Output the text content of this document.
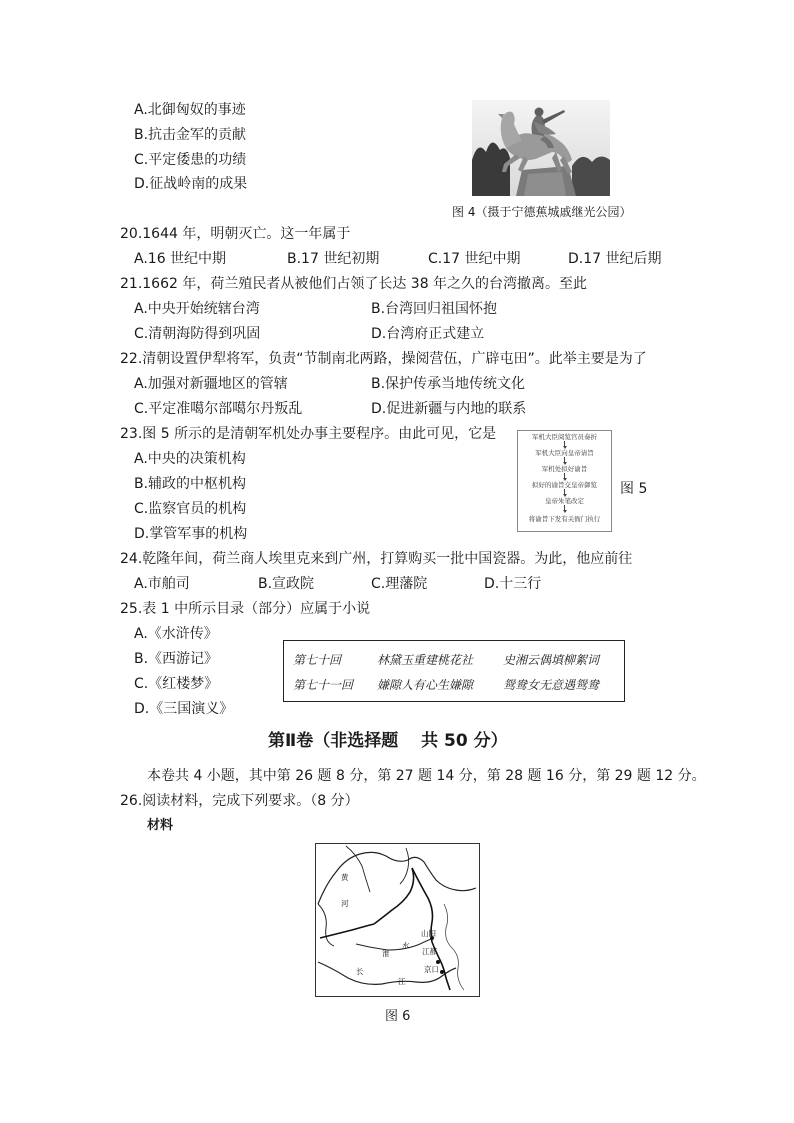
A.北御匈奴的事迹
B.抗击金军的贡献
C.平定倭患的功绩
D.征战岭南的成果
图 4（摄于宁德蕉城戚继光公园）
20.1644 年，明朝灭亡。这一年属于
A.16 世纪中期	B.17 世纪初期	C.17 世纪中期	D.17 世纪后期
21.1662 年，荷兰殖民者从被他们占领了长达 38 年之久的台湾撤离。至此
A.中央开始统辖台湾	B.台湾回归祖国怀抱
C.清朝海防得到巩固	D.台湾府正式建立
22.清朝设置伊犁将军，负责“节制南北两路，操阅营伍，广辟屯田”。此举主要是为了
A.加强对新疆地区的管辖	B.保护传承当地传统文化
C.平定准噶尔部噶尔丹叛乱	D.促进新疆与内地的联系
23.图 5 所示的是清朝军机处办事主要程序。由此可见，它是
A.中央的决策机构
B.辅政的中枢机构
C.监察官员的机构
D.掌管军事的机构
军机大臣阅览官员奏折
军机大臣向皇帝请旨
军机处拟好谕旨
拟好的谕旨交皇帝御览
皇帝朱笔改定
将谕旨下发有关衙门执行
图 5
24.乾隆年间，荷兰商人埃里克来到广州，打算购买一批中国瓷器。为此，他应前往
A.市舶司	B.宣政院	C.理藩院	D.十三行
25.表 1 中所示目录（部分）应属于小说
A.《水浒传》
B.《西游记》
C.《红楼梦》
D.《三国演义》
第七十回	林黛玉重建桃花社 史湘云偶填柳絮词
第七十一回 嫌隙人有心生嫌隙 鸳鸯女无意遇鸳鸯
第Ⅱ卷（非选择题　 共 50 分）
本卷共 4 小题，其中第 26 题 8 分，第 27 题 14 分，第 28 题 16 分，第 29 题 12 分。
26.阅读材料，完成下列要求。（8 分）
材料
黄
河
山阳
淮
水
江都
京口
长
江
图 6
